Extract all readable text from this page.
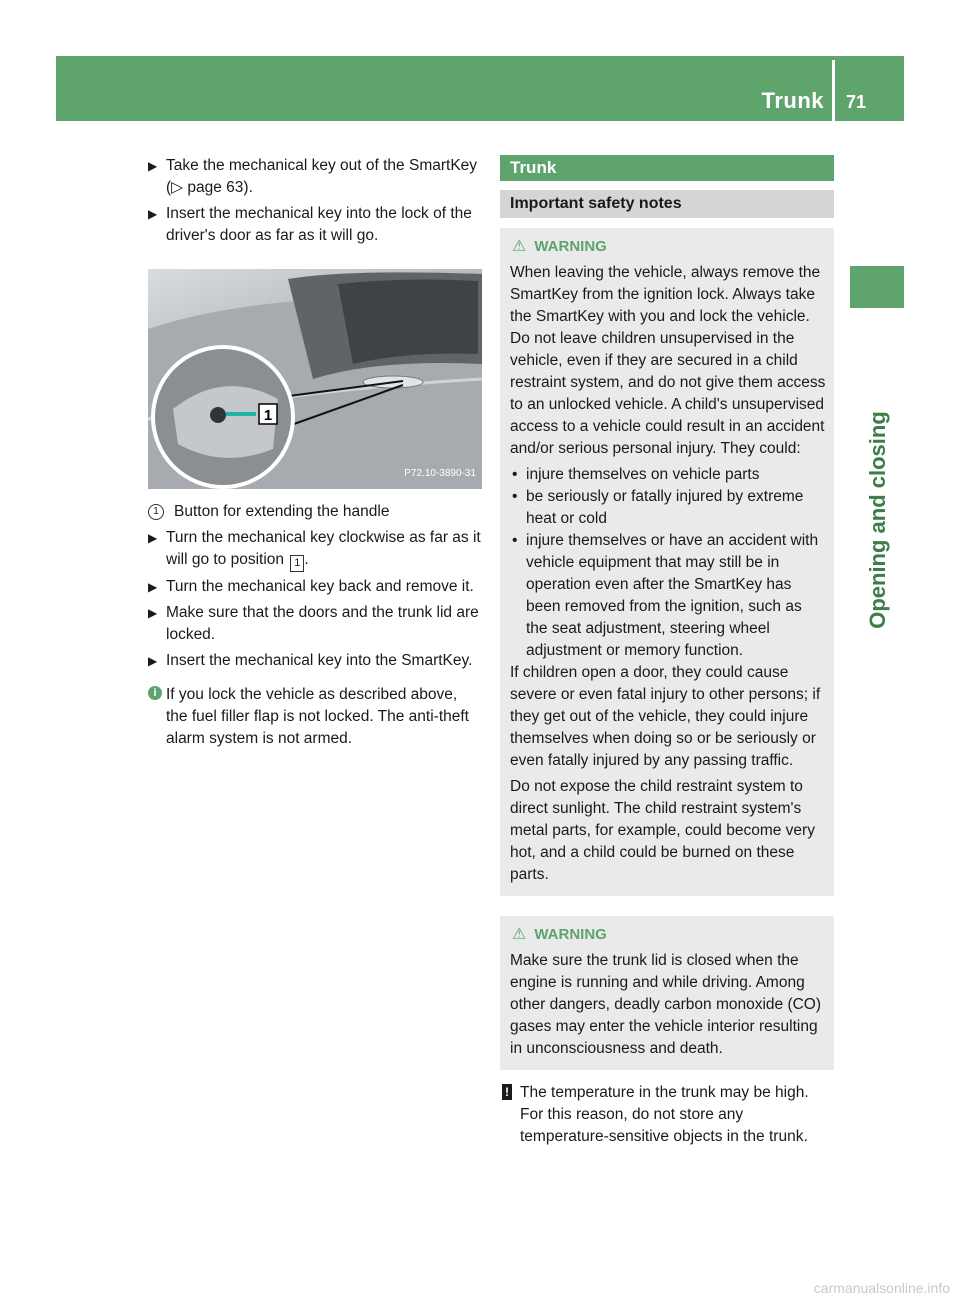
Trunk 71
Opening and closing
▶ Take the mechanical key out of the SmartKey (▷ page 63).
▶ Insert the mechanical key into the lock of the driver's door as far as it will go.
1
P72.10-3890-31
1 Button for extending the handle
▶ Turn the mechanical key clockwise as far as it will go to position 1 .
▶ Turn the mechanical key back and remove it.
▶ Make sure that the doors and the trunk lid are locked.
▶ Insert the mechanical key into the SmartKey.
i If you lock the vehicle as described above, the fuel filler flap is not locked. The anti-theft alarm system is not armed.
Trunk
Important safety notes
⚠ WARNING

When leaving the vehicle, always remove the SmartKey from the ignition lock. Always take the SmartKey with you and lock the vehicle. Do not leave children unsupervised in the vehicle, even if they are secured in a child restraint system, and do not give them access to an unlocked vehicle. A child's unsupervised access to a vehicle could result in an accident and/or serious personal injury. They could:

• injure themselves on vehicle parts
• be seriously or fatally injured by extreme heat or cold
• injure themselves or have an accident with vehicle equipment that may still be in operation even after the SmartKey has been removed from the ignition, such as the seat adjustment, steering wheel adjustment or memory function.

If children open a door, they could cause severe or even fatal injury to other persons; if they get out of the vehicle, they could injure themselves when doing so or be seriously or even fatally injured by any passing traffic.

Do not expose the child restraint system to direct sunlight. The child restraint system's metal parts, for example, could become very hot, and a child could be burned on these parts.

⚠ WARNING

Make sure the trunk lid is closed when the engine is running and while driving. Among other dangers, deadly carbon monoxide (CO) gases may enter the vehicle interior resulting in unconsciousness and death.

! The temperature in the trunk may be high. For this reason, do not store any temperature-sensitive objects in the trunk.
carmanualsonline.info
